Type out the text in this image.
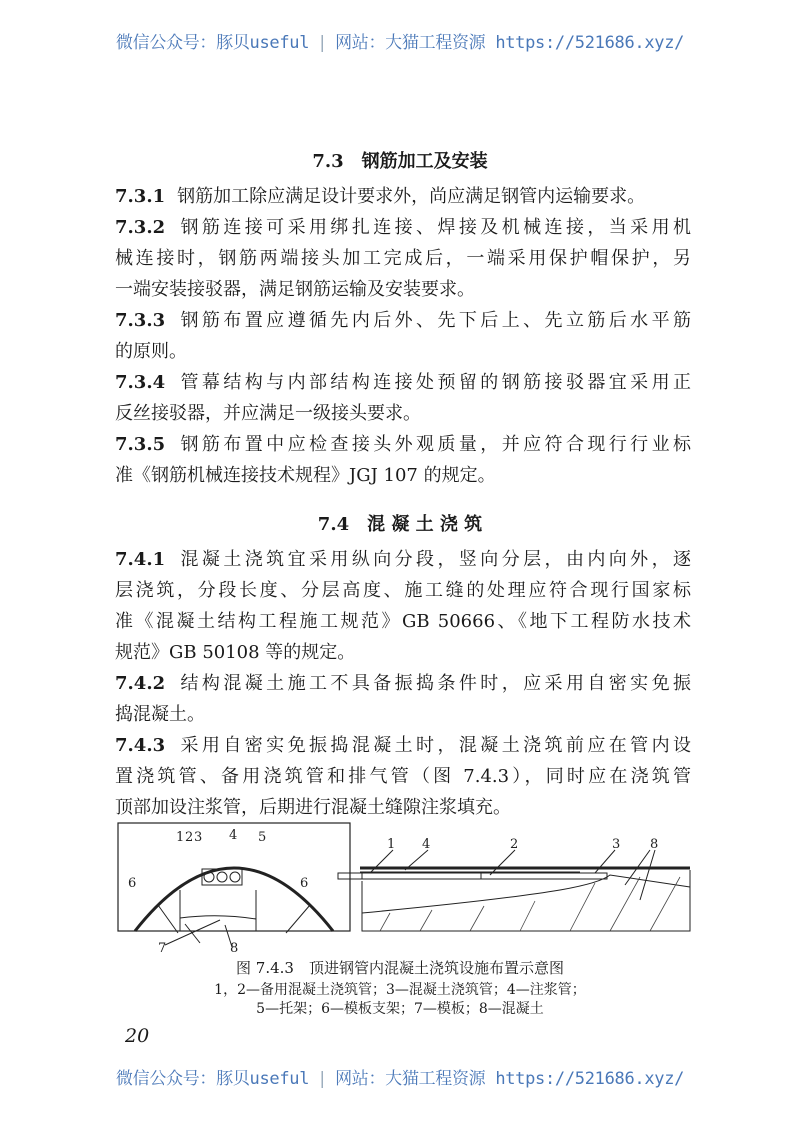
微信公众号：豚贝useful | 网站：大猫工程资源 https://521686.xyz/
7.3　钢筋加工及安装
7.3.1 钢筋加工除应满足设计要求外，尚应满足钢管内运输要求。
7.3.2 钢筋连接可采用绑扎连接、焊接及机械连接，当采用机
械连接时，钢筋两端接头加工完成后，一端采用保护帽保护，另
一端安装接驳器，满足钢筋运输及安装要求。
7.3.3 钢筋布置应遵循先内后外、先下后上、先立筋后水平筋
的原则。
7.3.4 管幕结构与内部结构连接处预留的钢筋接驳器宜采用正
反丝接驳器，并应满足一级接头要求。
7.3.5 钢筋布置中应检查接头外观质量，并应符合现行行业标
准《钢筋机械连接技术规程》JGJ 107 的规定。
7.4　混 凝 土 浇 筑
7.4.1 混凝土浇筑宜采用纵向分段，竖向分层，由内向外，逐
层浇筑，分段长度、分层高度、施工缝的处理应符合现行国家标
准《混凝土结构工程施工规范》GB 50666、《地下工程防水技术
规范》GB 50108 等的规定。
7.4.2 结构混凝土施工不具备振捣条件时，应采用自密实免振
捣混凝土。
7.4.3 采用自密实免振捣混凝土时，混凝土浇筑前应在管内设
置浇筑管、备用浇筑管和排气管（图 7.4.3），同时应在浇筑管
顶部加设注浆管，后期进行混凝土缝隙注浆填充。
1 2 3 4 5
6	6
7	8
1 4	2	3 8
图 7.4.3　顶进钢管内混凝土浇筑设施布置示意图
1，2—备用混凝土浇筑管；3—混凝土浇筑管；4—注浆管；
5—托架；6—模板支架；7—模板；8—混凝土
20
微信公众号：豚贝useful | 网站：大猫工程资源 https://521686.xyz/
